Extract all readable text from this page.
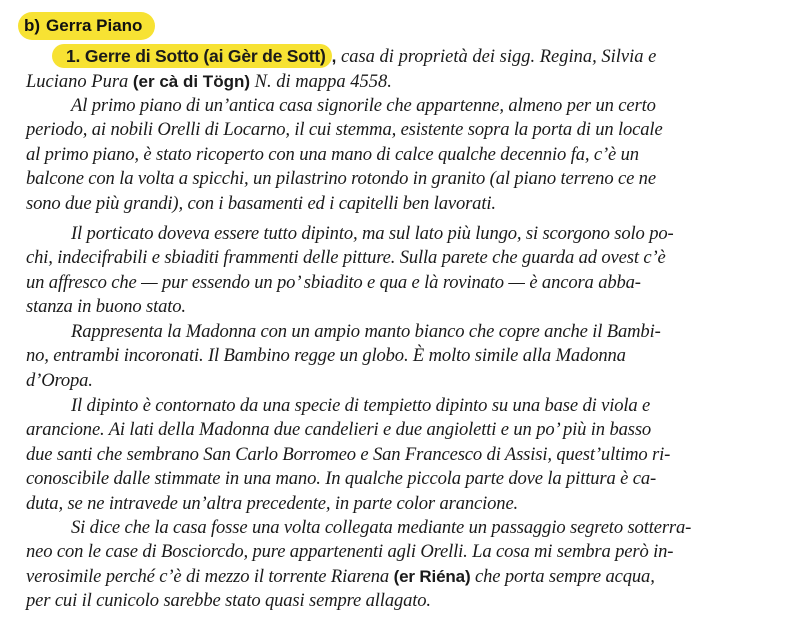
b) Gerra Piano
1. Gerre di Sotto (ai Gèr de Sott) , casa di proprietà dei sigg. Regina, Silvia e
Luciano Pura (er cà di Tögn) N. di mappa 4558.
Al primo piano di un’antica casa signorile che appartenne, almeno per un certo
periodo, ai nobili Orelli di Locarno, il cui stemma, esistente sopra la porta di un locale
al primo piano, è stato ricoperto con una mano di calce qualche decennio fa, c’è un
balcone con la volta a spicchi, un pilastrino rotondo in granito (al piano terreno ce ne
sono due più grandi), con i basamenti ed i capitelli ben lavorati.
Il porticato doveva essere tutto dipinto, ma sul lato più lungo, si scorgono solo po-
chi, indecifrabili e sbiaditi frammenti delle pitture. Sulla parete che guarda ad ovest c’è
un affresco che — pur essendo un po’ sbiadito e qua e là rovinato — è ancora abba-
stanza in buono stato.
Rappresenta la Madonna con un ampio manto bianco che copre anche il Bambi-
no, entrambi incoronati. Il Bambino regge un globo. È molto simile alla Madonna
d’Oropa.
Il dipinto è contornato da una specie di tempietto dipinto su una base di viola e
arancione. Ai lati della Madonna due candelieri e due angioletti e un po’ più in basso
due santi che sembrano San Carlo Borromeo e San Francesco di Assisi, quest’ultimo ri-
conoscibile dalle stimmate in una mano. In qualche piccola parte dove la pittura è ca-
duta, se ne intravede un’altra precedente, in parte color arancione.
Si dice che la casa fosse una volta collegata mediante un passaggio segreto sotterra-
neo con le case di Bosciorcdo, pure appartenenti agli Orelli. La cosa mi sembra però in-
verosimile perché c’è di mezzo il torrente Riarena (er Riéna) che porta sempre acqua,
per cui il cunicolo sarebbe stato quasi sempre allagato.
